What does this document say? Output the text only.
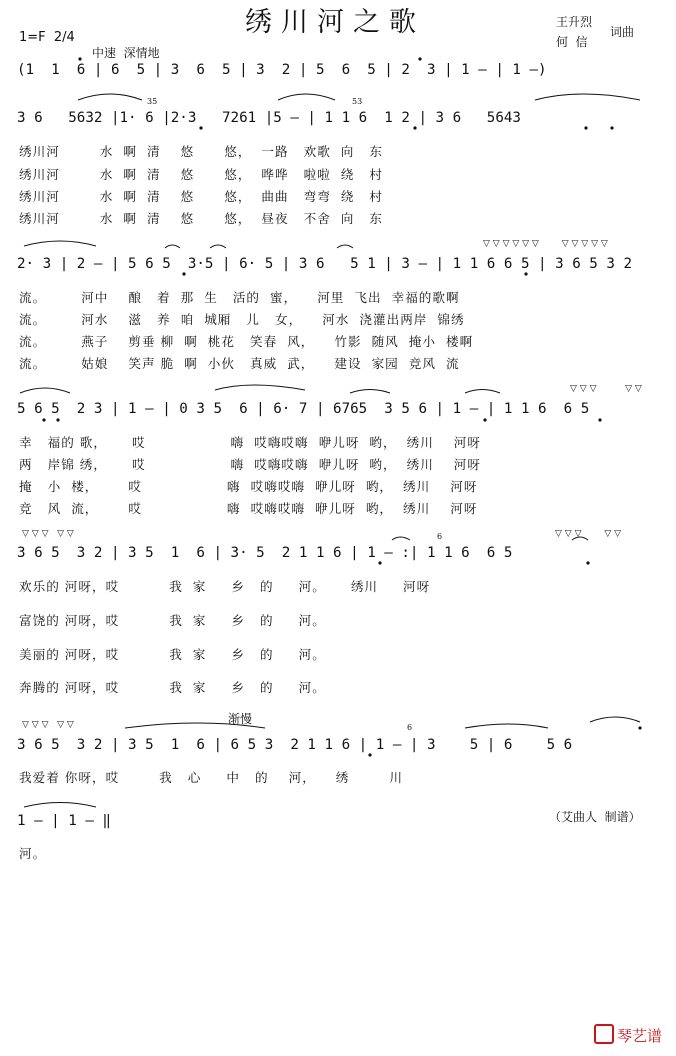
绣川河之歌
1=F  2/4
中速  深情地
王升烈
何  信
词曲
(1  1  6 | 6  5 | 3  6  5 | 3  2 | 5  6  5 | 2  3 | 1 — | 1 —)
35	53
3 6   5632 |1· 6 |2·3   7261 |5 — | 1 1 6  1 2 | 3 6   5643
绣川河        水  啊  清    悠      悠，  一路   欢歌  向   东
绣川河        水  啊  清    悠      悠，  哗哗   啦啦  绕   村
绣川河        水  啊  清    悠      悠，  曲曲   弯弯  绕   村
绣川河        水  啊  清    悠      悠，  昼夜   不舍  向   东
▽ ▽ ▽ ▽ ▽ ▽        ▽ ▽ ▽ ▽ ▽
2· 3 | 2 — | 5 6 5  3·5 | 6· 5 | 3 6   5 1 | 3 — | 1 1 6 6 5 | 3 6 5 3 2
流。       河中    酿   着  那  生   活的  蜜，    河里  飞出  幸福的歌啊
流。       河水    滋   养  咱  城厢   儿   女，    河水  浇灌出两岸  锦绣
流。       燕子    剪垂 柳  啊  桃花   笑春  风，    竹影  随风  掩小  楼啊
流。       姑娘    笑声 脆  啊  小伙   真威  武，    建设  家园  竞风  流
▽ ▽ ▽          ▽ ▽
5 6 5  2 3 | 1 — | 0 3 5  6 | 6· 7 | 6765  3 5 6 | 1 — | 1 1 6  6 5
幸   福的 歌，     哎                 嗨  哎嗨哎嗨  咿儿呀  哟，  绣川    河呀
两   岸锦 绣，     哎                 嗨  哎嗨哎嗨  咿儿呀  哟，  绣川    河呀
掩   小  楼，      哎                 嗨  哎嗨哎嗨  咿儿呀  哟，  绣川    河呀
竞   风  流，      哎                 嗨  哎嗨哎嗨  咿儿呀  哟，  绣川    河呀
▽ ▽ ▽   ▽ ▽	▽ ▽ ▽        ▽ ▽
6
3 6 5  3 2 | 3 5  1  6 | 3· 5  2 1 1 6 | 1 — :| 1 1 6  6 5
欢乐的 河呀，哎          我  家     乡   的     河。     绣川     河呀
富饶的 河呀，哎          我  家     乡   的     河。
美丽的 河呀，哎          我  家     乡   的     河。
奔腾的 河呀，哎          我  家     乡   的     河。
渐慢
▽ ▽ ▽   ▽ ▽	6
3 6 5  3 2 | 3 5  1  6 | 6 5 3  2 1 1 6 | 1 — | 3    5 | 6    5 6
我爱着 你呀，哎        我   心     中   的    河，    绣        川
1 — | 1 — ‖
河。
（艾曲人  制谱）

琴艺谱
